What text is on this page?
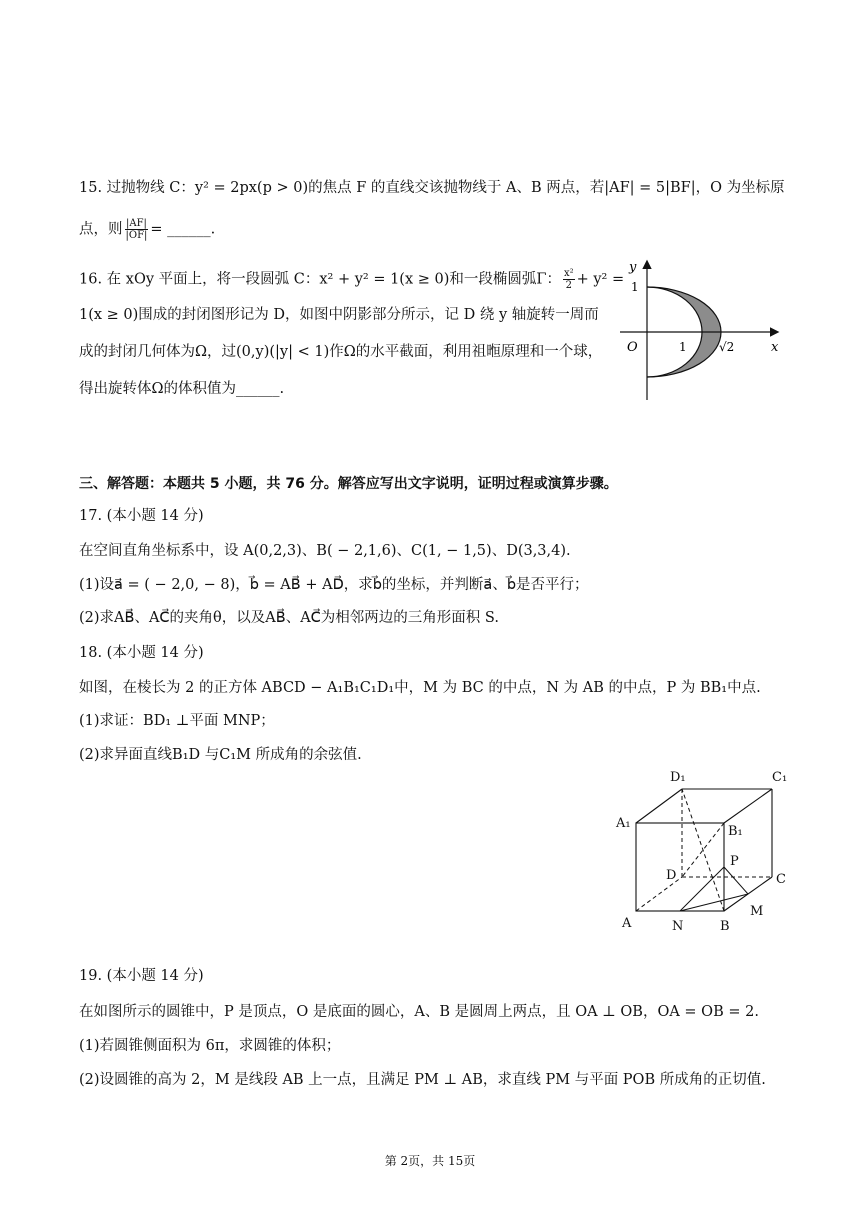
15. 过抛物线 C：y² = 2px(p > 0)的焦点 F 的直线交该抛物线于 A、B 两点，若|AF| = 5|BF|，O 为坐标原
点，则 $\frac{|AF|}{|OF|}$ = ______.
16. 在 xOy 平面上，将一段圆弧 C：x² + y² = 1(x ≥ 0)和一段椭圆弧Γ： $\frac{\text{x²}}{2} + y^2$ =
1(x ≥ 0)围成的封闭图形记为 D，如图中阴影部分所示，记 D 绕 y 轴旋转一周而
成的封闭几何体为Ω，过(0,y)(|y| < 1)作Ω的水平截面，利用祖暅原理和一个球，
得出旋转体Ω的体积值为______.
y
x
O
1
1	√2
三、解答题：本题共 5 小题，共 76 分。解答应写出文字说明，证明过程或演算步骤。
17. (本小题 14 分)
在空间直角坐标系中，设 A(0,2,3)、B( − 2,1,6)、C(1, − 1,5)、D(3,3,4).
(1)设a⃗ = ( − 2,0, − 8)，b⃗ = AB⃗ + AD⃗，求b⃗的坐标，并判断a⃗、b⃗是否平行；
(2)求AB⃗、AC⃗的夹角θ，以及AB⃗、AC⃗为相邻两边的三角形面积 S.
18. (本小题 14 分)
如图，在棱长为 2 的正方体 ABCD − A₁B₁C₁D₁中，M 为 BC 的中点，N 为 AB 的中点，P 为 BB₁中点.
(1)求证：BD₁ ⊥平面 MNP；
(2)求异面直线B₁D 与C₁M 所成角的余弦值.
D₁	C₁
A₁
B₁
P
D	C
M
A	N	B
19. (本小题 14 分)
在如图所示的圆锥中，P 是顶点，O 是底面的圆心，A、B 是圆周上两点，且 OA ⊥ OB，OA = OB = 2.
(1)若圆锥侧面积为 6π，求圆锥的体积；
(2)设圆锥的高为 2，M 是线段 AB 上一点，且满足 PM ⊥ AB，求直线 PM 与平面 POB 所成角的正切值.
第 2页，共 15页
